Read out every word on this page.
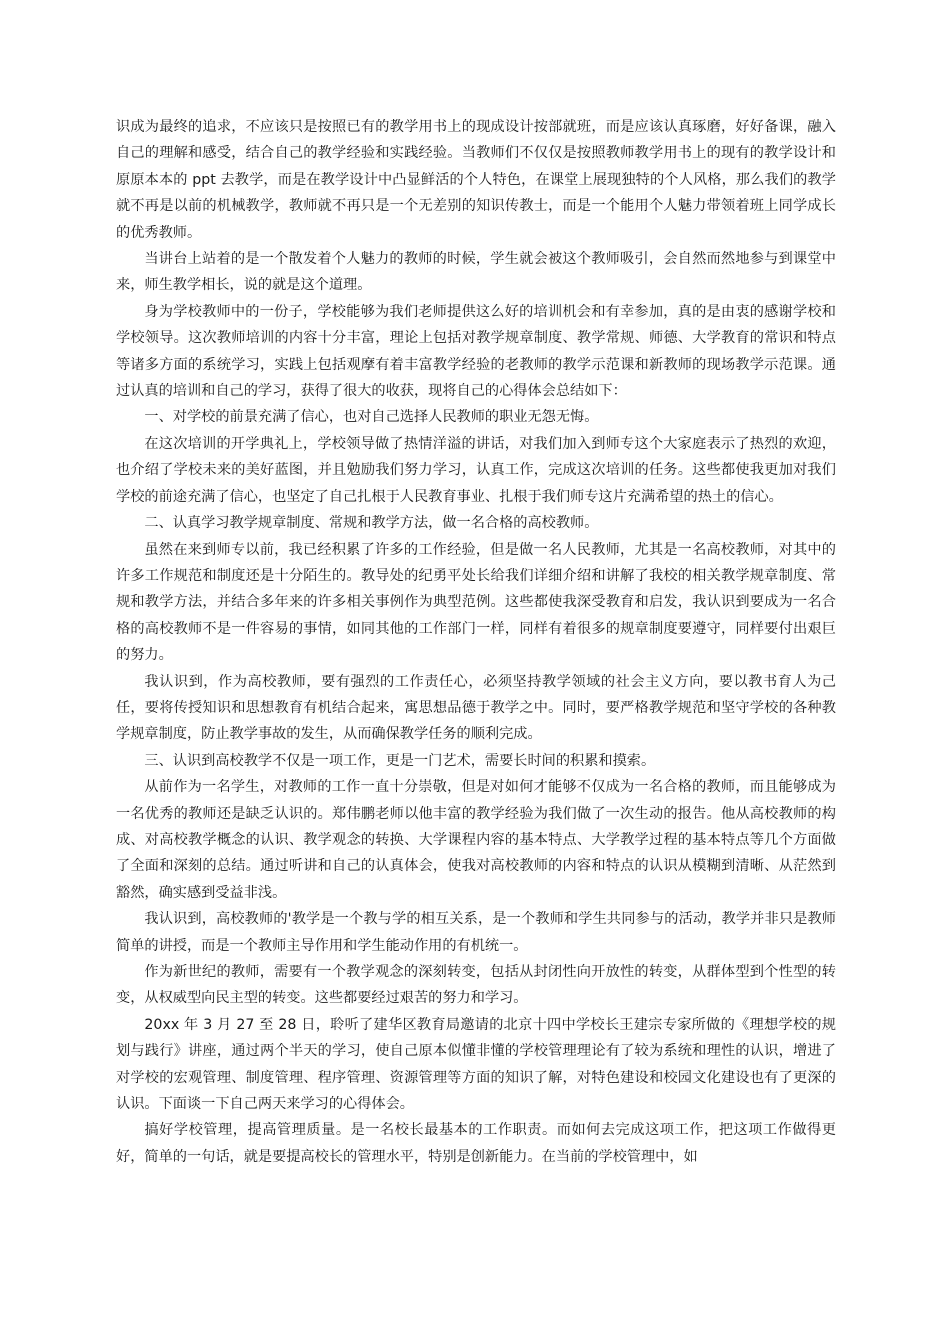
识成为最终的追求，不应该只是按照已有的教学用书上的现成设计按部就班，而是应该认真琢磨，好好备课，融入自己的理解和感受，结合自己的教学经验和实践经验。当教师们不仅仅是按照教师教学用书上的现有的教学设计和原原本本的 ppt 去教学，而是在教学设计中凸显鲜活的个人特色，在课堂上展现独特的个人风格，那么我们的教学就不再是以前的机械教学，教师就不再只是一个无差别的知识传教士，而是一个能用个人魅力带领着班上同学成长的优秀教师。

当讲台上站着的是一个散发着个人魅力的教师的时候，学生就会被这个教师吸引，会自然而然地参与到课堂中来，师生教学相长，说的就是这个道理。

身为学校教师中的一份子，学校能够为我们老师提供这么好的培训机会和有幸参加，真的是由衷的感谢学校和学校领导。这次教师培训的内容十分丰富，理论上包括对教学规章制度、教学常规、师德、大学教育的常识和特点等诸多方面的系统学习，实践上包括观摩有着丰富教学经验的老教师的教学示范课和新教师的现场教学示范课。通过认真的培训和自己的学习，获得了很大的收获，现将自己的心得体会总结如下：

一、对学校的前景充满了信心，也对自己选择人民教师的职业无怨无悔。

在这次培训的开学典礼上，学校领导做了热情洋溢的讲话，对我们加入到师专这个大家庭表示了热烈的欢迎，也介绍了学校未来的美好蓝图，并且勉励我们努力学习，认真工作，完成这次培训的任务。这些都使我更加对我们学校的前途充满了信心，也坚定了自己扎根于人民教育事业、扎根于我们师专这片充满希望的热土的信心。

二、认真学习教学规章制度、常规和教学方法，做一名合格的高校教师。

虽然在来到师专以前，我已经积累了许多的工作经验，但是做一名人民教师，尤其是一名高校教师，对其中的许多工作规范和制度还是十分陌生的。教导处的纪勇平处长给我们详细介绍和讲解了我校的相关教学规章制度、常规和教学方法，并结合多年来的许多相关事例作为典型范例。这些都使我深受教育和启发，我认识到要成为一名合格的高校教师不是一件容易的事情，如同其他的工作部门一样，同样有着很多的规章制度要遵守，同样要付出艰巨的努力。

我认识到，作为高校教师，要有强烈的工作责任心，必须坚持教学领域的社会主义方向，要以教书育人为己任，要将传授知识和思想教育有机结合起来，寓思想品德于教学之中。同时，要严格教学规范和坚守学校的各种教学规章制度，防止教学事故的发生，从而确保教学任务的顺利完成。

三、认识到高校教学不仅是一项工作，更是一门艺术，需要长时间的积累和摸索。

从前作为一名学生，对教师的工作一直十分崇敬，但是对如何才能够不仅成为一名合格的教师，而且能够成为一名优秀的教师还是缺乏认识的。郑伟鹏老师以他丰富的教学经验为我们做了一次生动的报告。他从高校教师的构成、对高校教学概念的认识、教学观念的转换、大学课程内容的基本特点、大学教学过程的基本特点等几个方面做了全面和深刻的总结。通过听讲和自己的认真体会，使我对高校教师的内容和特点的认识从模糊到清晰、从茫然到豁然，确实感到受益非浅。

我认识到，高校教师的'教学是一个教与学的相互关系，是一个教师和学生共同参与的活动，教学并非只是教师简单的讲授，而是一个教师主导作用和学生能动作用的有机统一。

作为新世纪的教师，需要有一个教学观念的深刻转变，包括从封闭性向开放性的转变，从群体型到个性型的转变，从权威型向民主型的转变。这些都要经过艰苦的努力和学习。

20xx 年 3 月 27 至 28 日，聆听了建华区教育局邀请的北京十四中学校长王建宗专家所做的《理想学校的规划与践行》讲座，通过两个半天的学习，使自己原本似懂非懂的学校管理理论有了较为系统和理性的认识，增进了对学校的宏观管理、制度管理、程序管理、资源管理等方面的知识了解，对特色建设和校园文化建设也有了更深的认识。下面谈一下自己两天来学习的心得体会。

搞好学校管理，提高管理质量。是一名校长最基本的工作职责。而如何去完成这项工作，把这项工作做得更好，简单的一句话，就是要提高校长的管理水平，特别是创新能力。在当前的学校管理中，如
